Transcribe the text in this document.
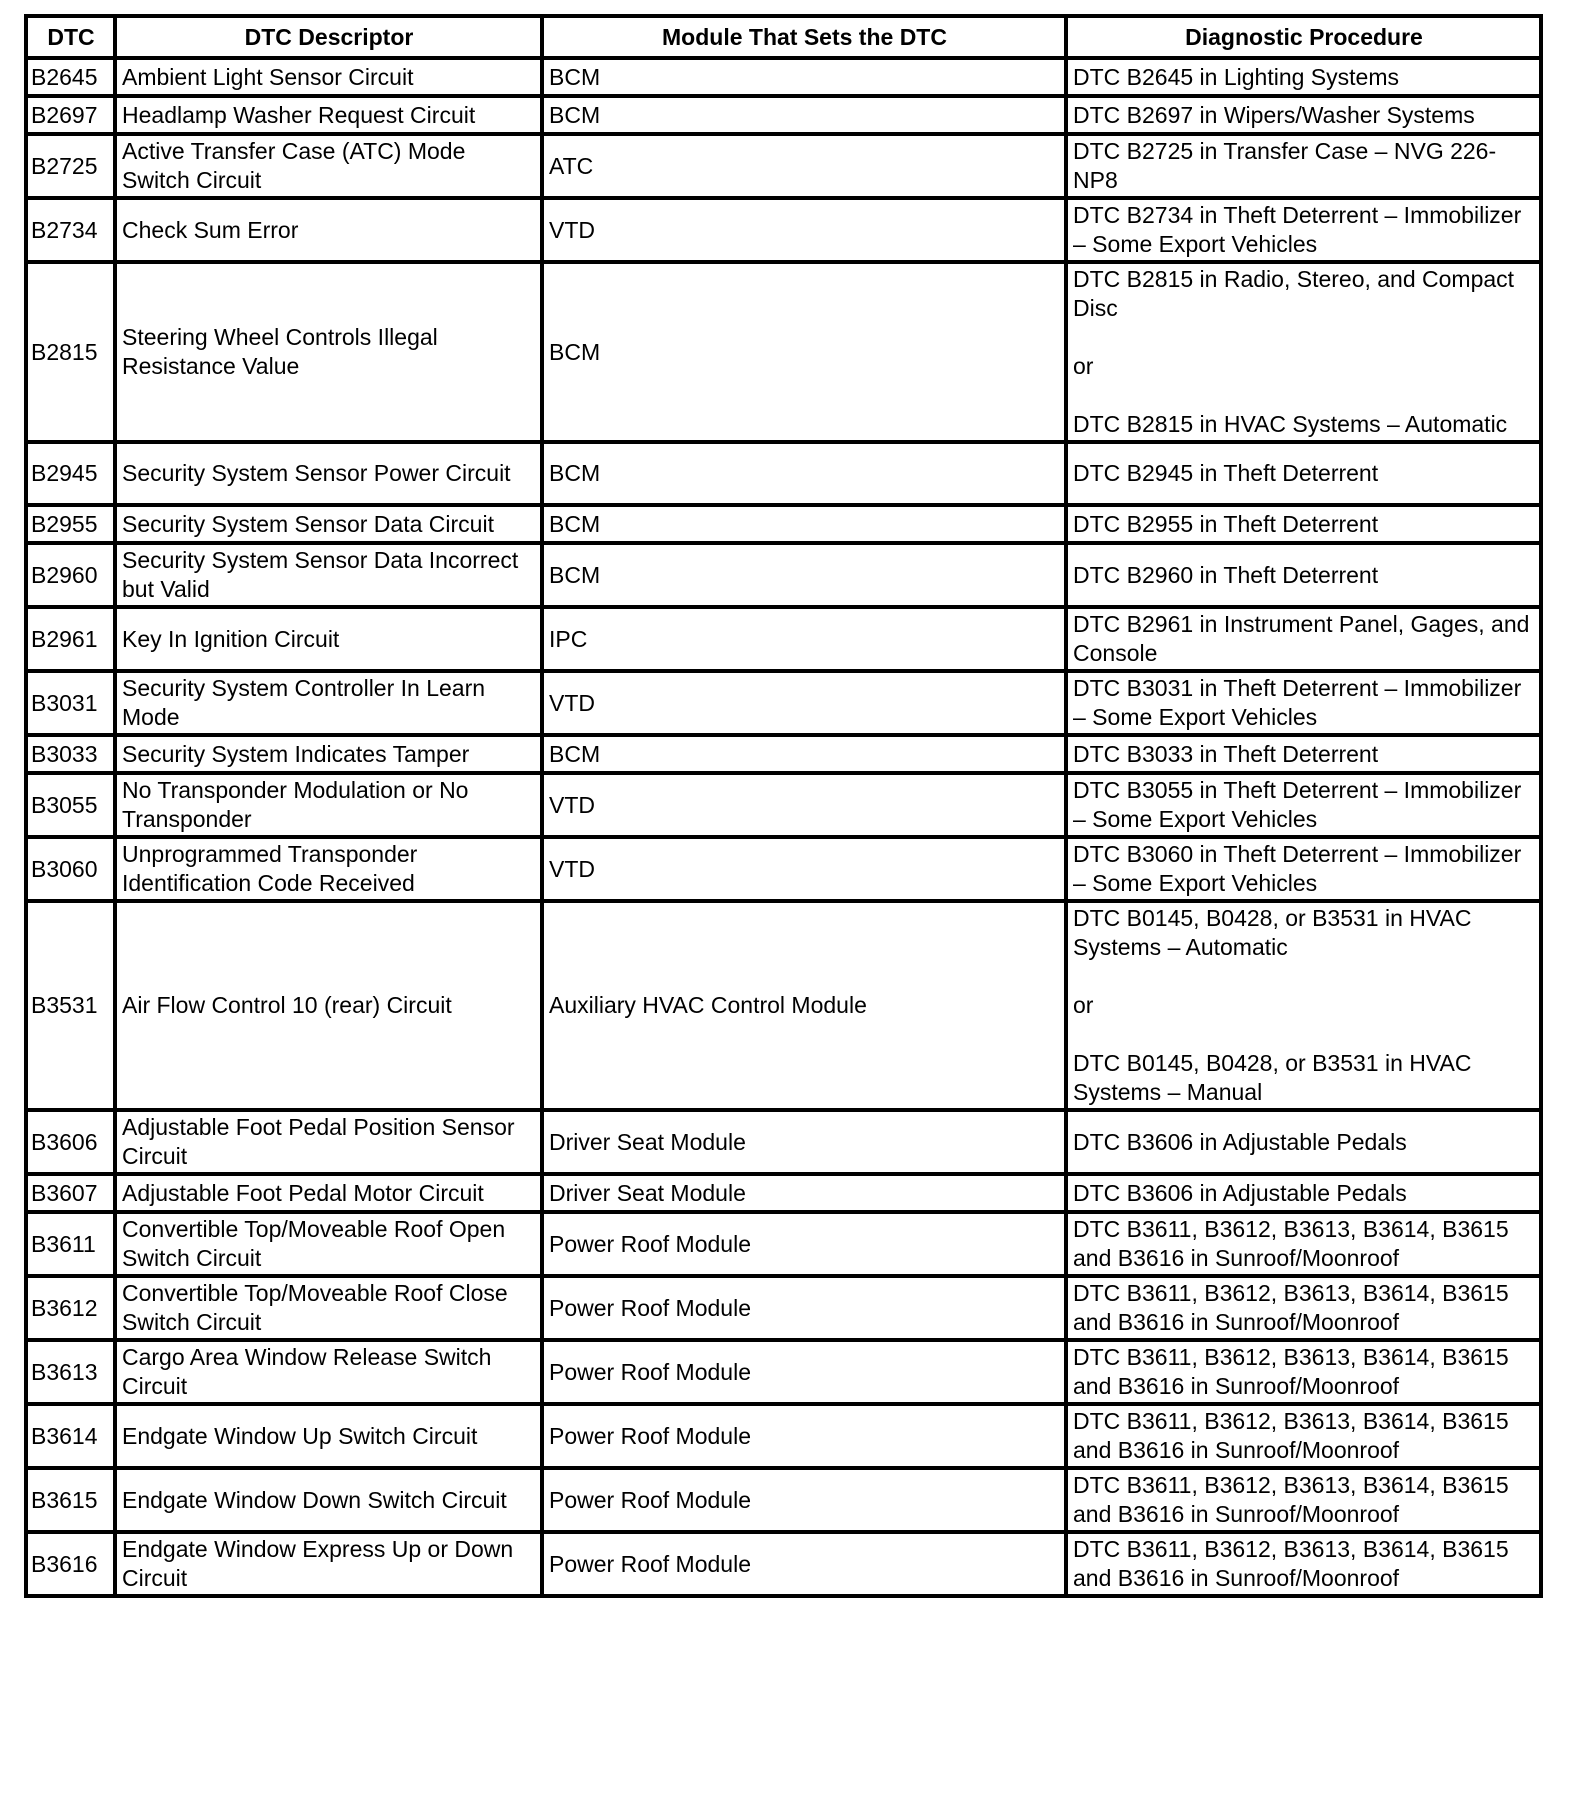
DTC	DTC Descriptor	Module That Sets the DTC	Diagnostic Procedure
B2645	Ambient Light Sensor Circuit	BCM	DTC B2645 in Lighting Systems
B2697	Headlamp Washer Request Circuit	BCM	DTC B2697 in Wipers/Washer Systems
B2725	Active Transfer Case (ATC) Mode Switch Circuit	ATC	DTC B2725 in Transfer Case – NVG 226-NP8
B2734	Check Sum Error	VTD	DTC B2734 in Theft Deterrent – Immobilizer – Some Export Vehicles
B2815	Steering Wheel Controls Illegal Resistance Value	BCM	DTC B2815 in Radio, Stereo, and Compact Disc

or

DTC B2815 in HVAC Systems – Automatic
B2945	Security System Sensor Power Circuit	BCM	DTC B2945 in Theft Deterrent
B2955	Security System Sensor Data Circuit	BCM	DTC B2955 in Theft Deterrent
B2960	Security System Sensor Data Incorrect but Valid	BCM	DTC B2960 in Theft Deterrent
B2961	Key In Ignition Circuit	IPC	DTC B2961 in Instrument Panel, Gages, and Console
B3031	Security System Controller In Learn Mode	VTD	DTC B3031 in Theft Deterrent – Immobilizer – Some Export Vehicles
B3033	Security System Indicates Tamper	BCM	DTC B3033 in Theft Deterrent
B3055	No Transponder Modulation or No Transponder	VTD	DTC B3055 in Theft Deterrent – Immobilizer – Some Export Vehicles
B3060	Unprogrammed Transponder Identification Code Received	VTD	DTC B3060 in Theft Deterrent – Immobilizer – Some Export Vehicles
B3531	Air Flow Control 10 (rear) Circuit	Auxiliary HVAC Control Module	DTC B0145, B0428, or B3531 in HVAC Systems – Automatic

or

DTC B0145, B0428, or B3531 in HVAC Systems – Manual
B3606	Adjustable Foot Pedal Position Sensor Circuit	Driver Seat Module	DTC B3606 in Adjustable Pedals
B3607	Adjustable Foot Pedal Motor Circuit	Driver Seat Module	DTC B3606 in Adjustable Pedals
B3611	Convertible Top/Moveable Roof Open Switch Circuit	Power Roof Module	DTC B3611, B3612, B3613, B3614, B3615 and B3616 in Sunroof/Moonroof
B3612	Convertible Top/Moveable Roof Close Switch Circuit	Power Roof Module	DTC B3611, B3612, B3613, B3614, B3615 and B3616 in Sunroof/Moonroof
B3613	Cargo Area Window Release Switch Circuit	Power Roof Module	DTC B3611, B3612, B3613, B3614, B3615 and B3616 in Sunroof/Moonroof
B3614	Endgate Window Up Switch Circuit	Power Roof Module	DTC B3611, B3612, B3613, B3614, B3615 and B3616 in Sunroof/Moonroof
B3615	Endgate Window Down Switch Circuit	Power Roof Module	DTC B3611, B3612, B3613, B3614, B3615 and B3616 in Sunroof/Moonroof
B3616	Endgate Window Express Up or Down Circuit	Power Roof Module	DTC B3611, B3612, B3613, B3614, B3615 and B3616 in Sunroof/Moonroof
